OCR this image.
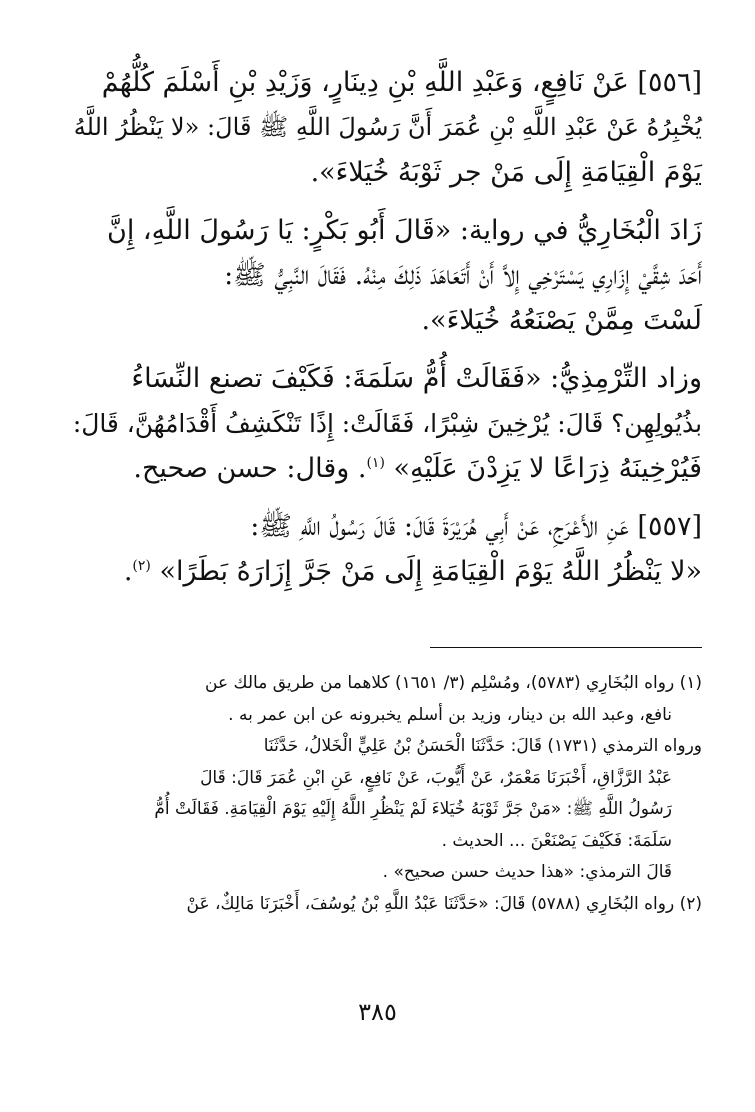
[٥٥٦] عَنْ نَافِعٍ، وَعَبْدِ اللَّهِ بْنِ دِينَارٍ، وَزَيْدِ بْنِ أَسْلَمَ كُلُّهُمْ
يُخْبِرُهُ عَنْ عَبْدِ اللَّهِ بْنِ عُمَرَ أَنَّ رَسُولَ اللَّهِ ﷺ قَالَ: «لا يَنْظُرُ اللَّهُ
يَوْمَ الْقِيَامَةِ إِلَى مَنْ جر ثَوْبَهُ خُيَلاءَ».
زَادَ الْبُخَارِيُّ في رواية: «قَالَ أَبُو بَكْرٍ: يَا رَسُولَ اللَّهِ، إِنَّ
أَحَدَ شِقَّيْ إِزَارِي يَسْتَرْخِي إِلاَّ أَنْ أَتَعَاهَدَ ذَلِكَ مِنْهُ. فَقَالَ النَّبِيُّ ﷺ:
لَسْتَ مِمَّنْ يَصْنَعُهُ خُيَلاءَ».
وزاد التِّرْمِذِيُّ: «فَقَالَتْ أُمُّ سَلَمَةَ: فَكَيْفَ تصنع النِّسَاءُ
بذُيُولِهِن؟ قَالَ: يُرْخِينَ شِبْرًا، فَقَالَتْ: إِذًا تَنْكَشِفُ أَقْدَامُهُنَّ، قَالَ:
فَيُرْخِينَهُ ذِرَاعًا لا يَزِدْنَ عَلَيْهِ» $^{(١)}$. وقال: حسن صحيح.
[٥٥٧] عَنِ الأَعْرَجِ، عَنْ أَبِي هُرَيْرَةَ قَالَ: قَالَ رَسُولُ اللَّهِ ﷺ:
«لا يَنْظُرُ اللَّهُ يَوْمَ الْقِيَامَةِ إِلَى مَنْ جَرَّ إِزَارَهُ بَطَرًا» $^{(٢)}$.
(١) رواه البُخَارِي (٥٧٨٣)، ومُسْلِم (٣/ ١٦٥١) كلاهما من طريق مالك عن
نافع، وعبد الله بن دينار، وزيد بن أسلم يخبرونه عن ابن عمر به .
ورواه الترمذي (١٧٣١) قَالَ: حَدَّثَنَا الْحَسَنُ بْنُ عَلِيٍّ الْخَلالُ، حَدَّثَنَا
عَبْدُ الرَّزَّاقِ، أَخْبَرَنَا مَعْمَرٌ، عَنْ أَيُّوبَ، عَنْ نَافِعٍ، عَنِ ابْنِ عُمَرَ قَالَ: قَالَ
رَسُولُ اللَّهِ ﷺ: «مَنْ جَرَّ ثَوْبَهُ خُيَلاءَ لَمْ يَنْظُرِ اللَّهُ إِلَيْهِ يَوْمَ الْقِيَامَةِ. فَقَالَتْ أُمُّ
سَلَمَةَ: فَكَيْفَ يَصْنَعْنَ ... الحديث .
قَالَ الترمذي: «هذا حديث حسن صحيح» .
(٢) رواه البُخَارِي (٥٧٨٨) قَالَ: «حَدَّثَنَا عَبْدُ اللَّهِ بْنُ يُوسُفَ، أَخْبَرَنَا مَالِكٌ، عَنْ
٣٨٥
